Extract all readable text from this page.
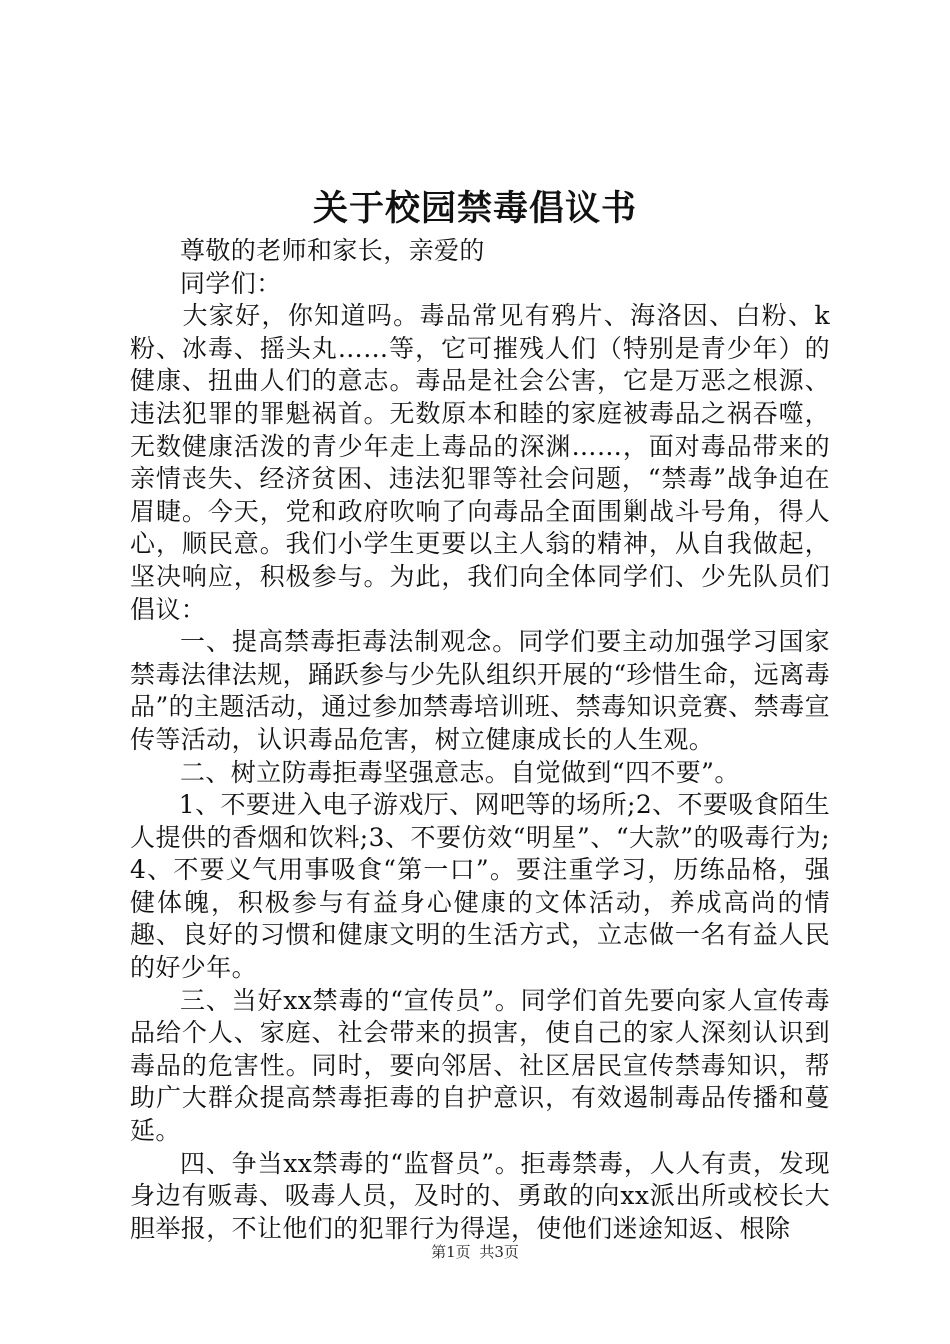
关于校园禁毒倡议书

尊敬的老师和家长，亲爱的

同学们：

大家好，你知道吗。毒品常见有鸦片、海洛因、白粉、k粉、冰毒、摇头丸……等，它可摧残人们（特别是青少年）的健康、扭曲人们的意志。毒品是社会公害，它是万恶之根源、违法犯罪的罪魁祸首。无数原本和睦的家庭被毒品之祸吞噬，无数健康活泼的青少年走上毒品的深渊……，面对毒品带来的亲情丧失、经济贫困、违法犯罪等社会问题，“禁毒”战争迫在眉睫。今天，党和政府吹响了向毒品全面围剿战斗号角，得人心，顺民意。我们小学生更要以主人翁的精神，从自我做起，坚决响应，积极参与。为此，我们向全体同学们、少先队员们倡议：

一、提高禁毒拒毒法制观念。同学们要主动加强学习国家禁毒法律法规，踊跃参与少先队组织开展的“珍惜生命，远离毒品”的主题活动，通过参加禁毒培训班、禁毒知识竞赛、禁毒宣传等活动，认识毒品危害，树立健康成长的人生观。

二、树立防毒拒毒坚强意志。自觉做到“四不要”。

1、不要进入电子游戏厅、网吧等的场所;2、不要吸食陌生人提供的香烟和饮料;3、不要仿效“明星”、“大款”的吸毒行为;4、不要义气用事吸食“第一口”。要注重学习，历练品格，强健体魄，积极参与有益身心健康的文体活动，养成高尚的情趣、良好的习惯和健康文明的生活方式，立志做一名有益人民的好少年。

三、当好xx禁毒的“宣传员”。同学们首先要向家人宣传毒品给个人、家庭、社会带来的损害，使自己的家人深刻认识到毒品的危害性。同时，要向邻居、社区居民宣传禁毒知识，帮助广大群众提高禁毒拒毒的自护意识，有效遏制毒品传播和蔓延。

四、争当xx禁毒的“监督员”。拒毒禁毒，人人有责，发现身边有贩毒、吸毒人员，及时的、勇敢的向xx派出所或校长大胆举报，不让他们的犯罪行为得逞，使他们迷途知返、根除

第1页 共3页
